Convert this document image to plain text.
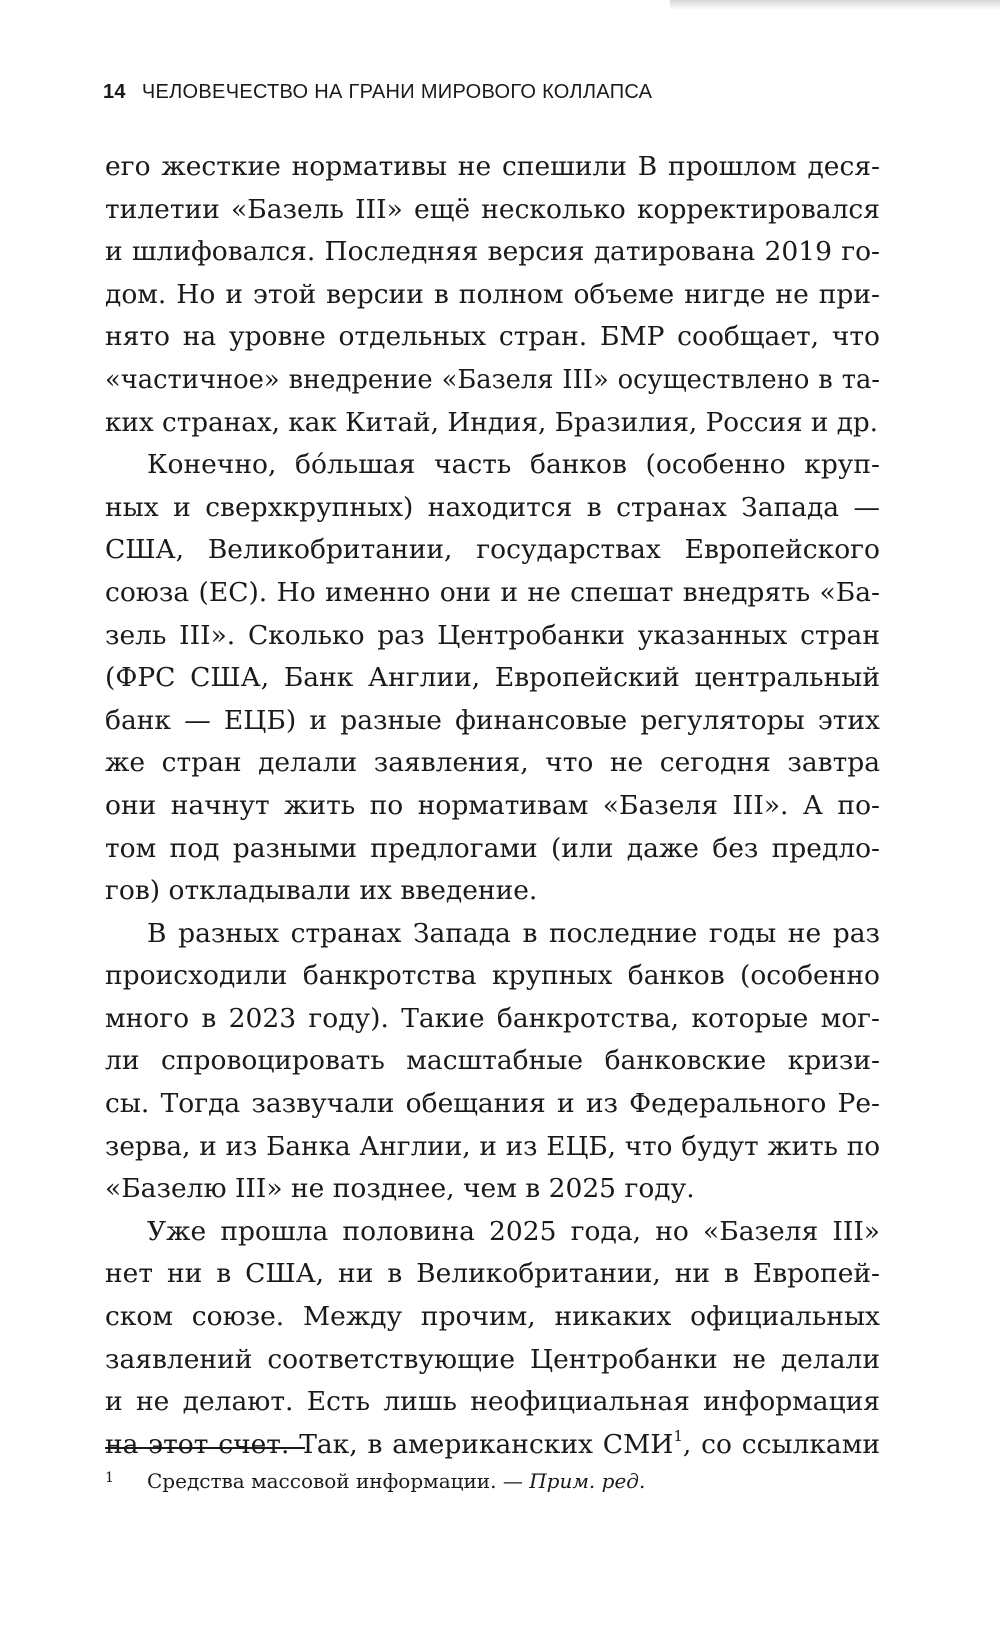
14 ЧЕЛОВЕЧЕСТВО НА ГРАНИ МИРОВОГО КОЛЛАПСА
его жесткие нормативы не спешили В прошлом деся-
тилетии «Базель III» ещё несколько корректировался
и шлифовался. Последняя версия датирована 2019 го-
дом. Но и этой версии в полном объеме нигде не при-
нято на уровне отдельных стран. БМР сообщает, что
«частичное» внедрение «Базеля III» осуществлено в та-
ких странах, как Китай, Индия, Бразилия, Россия и др.
Конечно, бо́льшая часть банков (особенно круп-
ных и сверхкрупных) находится в странах Запада —
США, Великобритании, государствах Европейского
союза (ЕС). Но именно они и не спешат внедрять «Ба-
зель III». Сколько раз Центробанки указанных стран
(ФРС США, Банк Англии, Европейский центральный
банк — ЕЦБ) и разные финансовые регуляторы этих
же стран делали заявления, что не сегодня завтра
они начнут жить по нормативам «Базеля III». А по-
том под разными предлогами (или даже без предло-
гов) откладывали их введение.
В разных странах Запада в последние годы не раз
происходили банкротства крупных банков (особенно
много в 2023 году). Такие банкротства, которые мог-
ли спровоцировать масштабные банковские кризи-
сы. Тогда зазвучали обещания и из Федерального Ре-
зерва, и из Банка Англии, и из ЕЦБ, что будут жить по
«Базелю III» не позднее, чем в 2025 году.
Уже прошла половина 2025 года, но «Базеля III»
нет ни в США, ни в Великобритании, ни в Европей-
ском союзе. Между прочим, никаких официальных
заявлений соответствующие Центробанки не делали
и не делают. Есть лишь неофициальная информация
на этот счет. Так, в американских СМИ$^1$, со ссылками
1 Средства массовой информации. — Прим. ред.
